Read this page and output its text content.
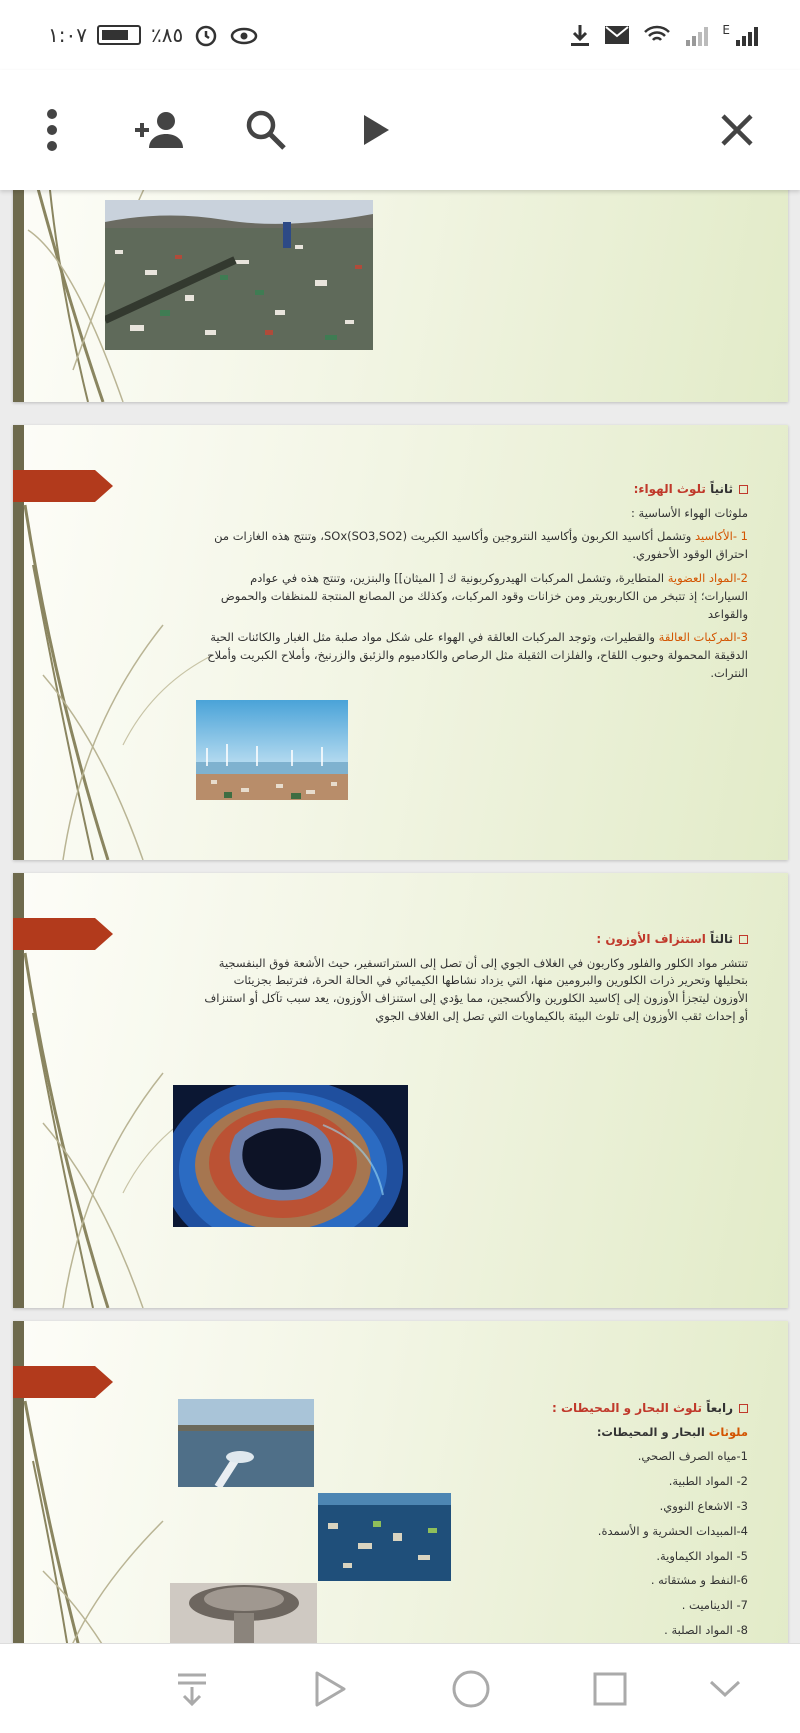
١:٠٧	٪٨٥	E
ثانياً تلوث الهواء:
ملوثات الهواء الأساسية :
1 -الأكاسيد وتشمل أكاسيد الكربون وأكاسيد النتروجين وأكاسيد الكبريت SOx(SO3,SO2)، وتنتج هذه الغازات من احتراق الوقود الأحفوري.
2-المواد العضوية المتطايرة، وتشمل المركبات الهيدروكربونية ك [ الميثان]] والبنزين، وتنتج هذه في عوادم السيارات؛ إذ تتبخر من الكاربوريتر ومن خزانات وقود المركبات، وكذلك من المصانع المنتجة للمنظفات والحموض والقواعد
3-المركبات العالقة والقطيرات، وتوجد المركبات العالقة في الهواء على شكل مواد صلبة مثل الغبار والكائنات الحية الدقيقة المحمولة وحبوب اللقاح، والفلزات الثقيلة مثل الرصاص والكادميوم والزئبق والزرنيخ، وأملاح الكبريت وأملاح النترات.
ثالثاً استنزاف الأوزون :
تنتشر مواد الكلور والفلور وكاربون في الغلاف الجوي إلى أن تصل إلى الستراتسفير، حيث الأشعة فوق البنفسجية بتحليلها وتحرير ذرات الكلورين والبرومين منها، التي يزداد نشاطها الكيميائي في الحالة الحرة، فترتبط بجزيئات الأوزون ليتجزأ الأوزون إلى إكاسيد الكلورين والأكسجين، مما يؤدي إلى استنزاف الأوزون، يعد سبب تآكل أو استنزاف أو إحداث ثقب الأوزون إلى تلوث البيئة بالكيماويات التي تصل إلى الغلاف الجوي
رابعاً تلوث البحار و المحيطات :
ملوثات البحار و المحيطات:
1-مياه الصرف الصحي.
2- المواد الطبية.
3- الاشعاع النووي.
4-المبيدات الحشرية و الأسمدة.
5- المواد الكيماوية.
6-النفط و مشتقاته .
7- الديناميت .
8- المواد الصلبة .
